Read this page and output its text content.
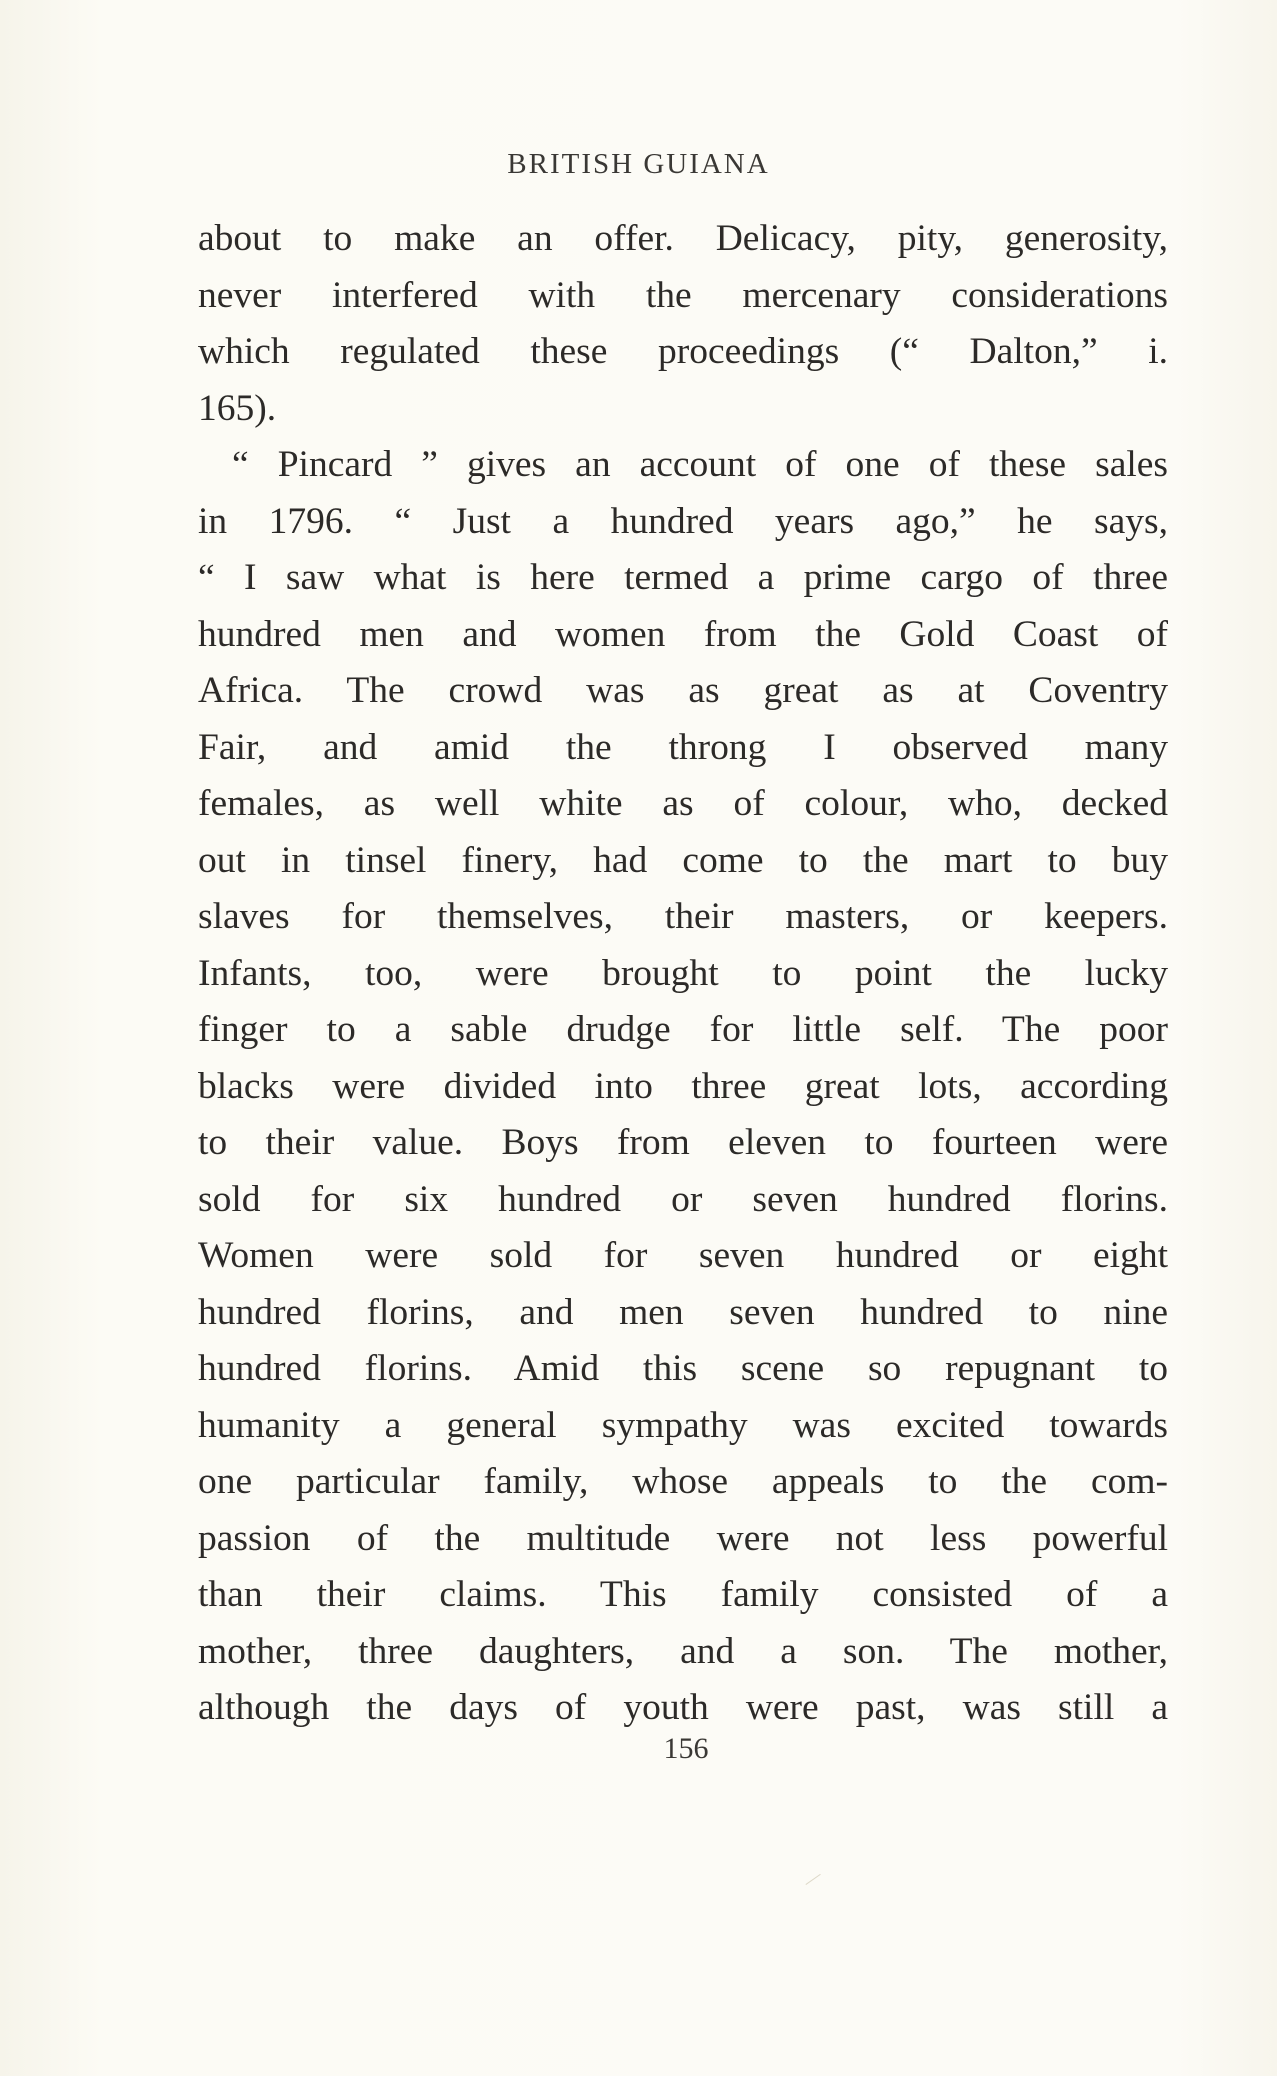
BRITISH GUIANA
about to make an offer. Delicacy, pity, generosity,
never interfered with the mercenary considerations
which regulated these proceedings (“ Dalton,” i.
165).
“ Pincard ” gives an account of one of these sales
in 1796. “ Just a hundred years ago,” he says,
“ I saw what is here termed a prime cargo of three
hundred men and women from the Gold Coast of
Africa. The crowd was as great as at Coventry
Fair, and amid the throng I observed many
females, as well white as of colour, who, decked
out in tinsel finery, had come to the mart to buy
slaves for themselves, their masters, or keepers.
Infants, too, were brought to point the lucky
finger to a sable drudge for little self. The poor
blacks were divided into three great lots, according
to their value. Boys from eleven to fourteen were
sold for six hundred or seven hundred florins.
Women were sold for seven hundred or eight
hundred florins, and men seven hundred to nine
hundred florins. Amid this scene so repugnant to
humanity a general sympathy was excited towards
one particular family, whose appeals to the com-
passion of the multitude were not less powerful
than their claims. This family consisted of a
mother, three daughters, and a son. The mother,
although the days of youth were past, was still a
156
